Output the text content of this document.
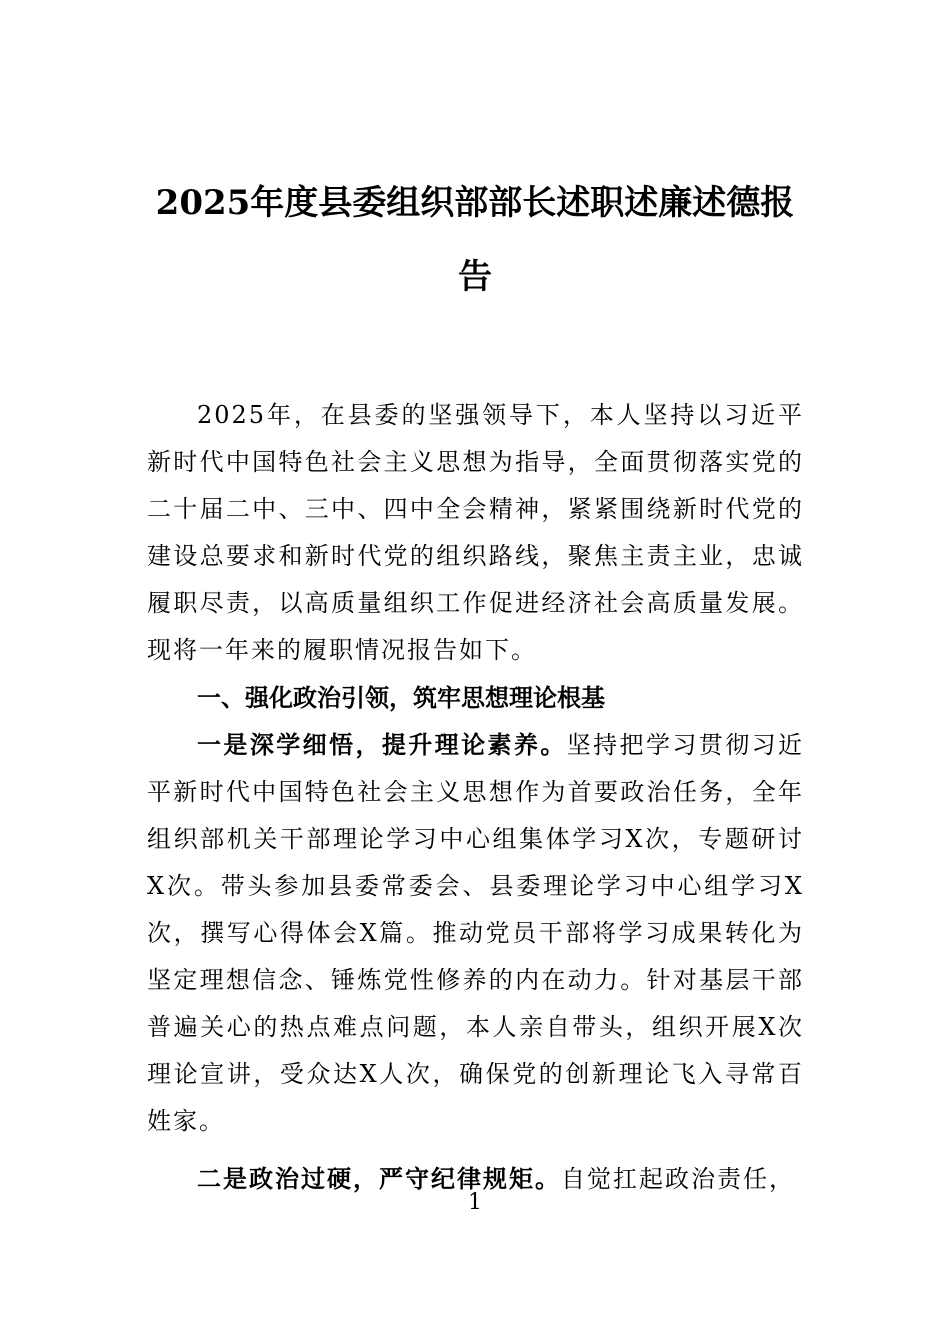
2025年度县委组织部部长述职述廉述德报
告

2025年，在县委的坚强领导下，本人坚持以习近平新时代中国特色社会主义思想为指导，全面贯彻落实党的二十届二中、三中、四中全会精神，紧紧围绕新时代党的建设总要求和新时代党的组织路线，聚焦主责主业，忠诚履职尽责，以高质量组织工作促进经济社会高质量发展。现将一年来的履职情况报告如下。

一、强化政治引领，筑牢思想理论根基

一是深学细悟，提升理论素养。坚持把学习贯彻习近平新时代中国特色社会主义思想作为首要政治任务，全年组织部机关干部理论学习中心组集体学习X次，专题研讨X次。带头参加县委常委会、县委理论学习中心组学习X次，撰写心得体会X篇。推动党员干部将学习成果转化为坚定理想信念、锤炼党性修养的内在动力。针对基层干部普遍关心的热点难点问题，本人亲自带头，组织开展X次理论宣讲，受众达X人次，确保党的创新理论飞入寻常百姓家。

二是政治过硬，严守纪律规矩。自觉扛起政治责任，

1
